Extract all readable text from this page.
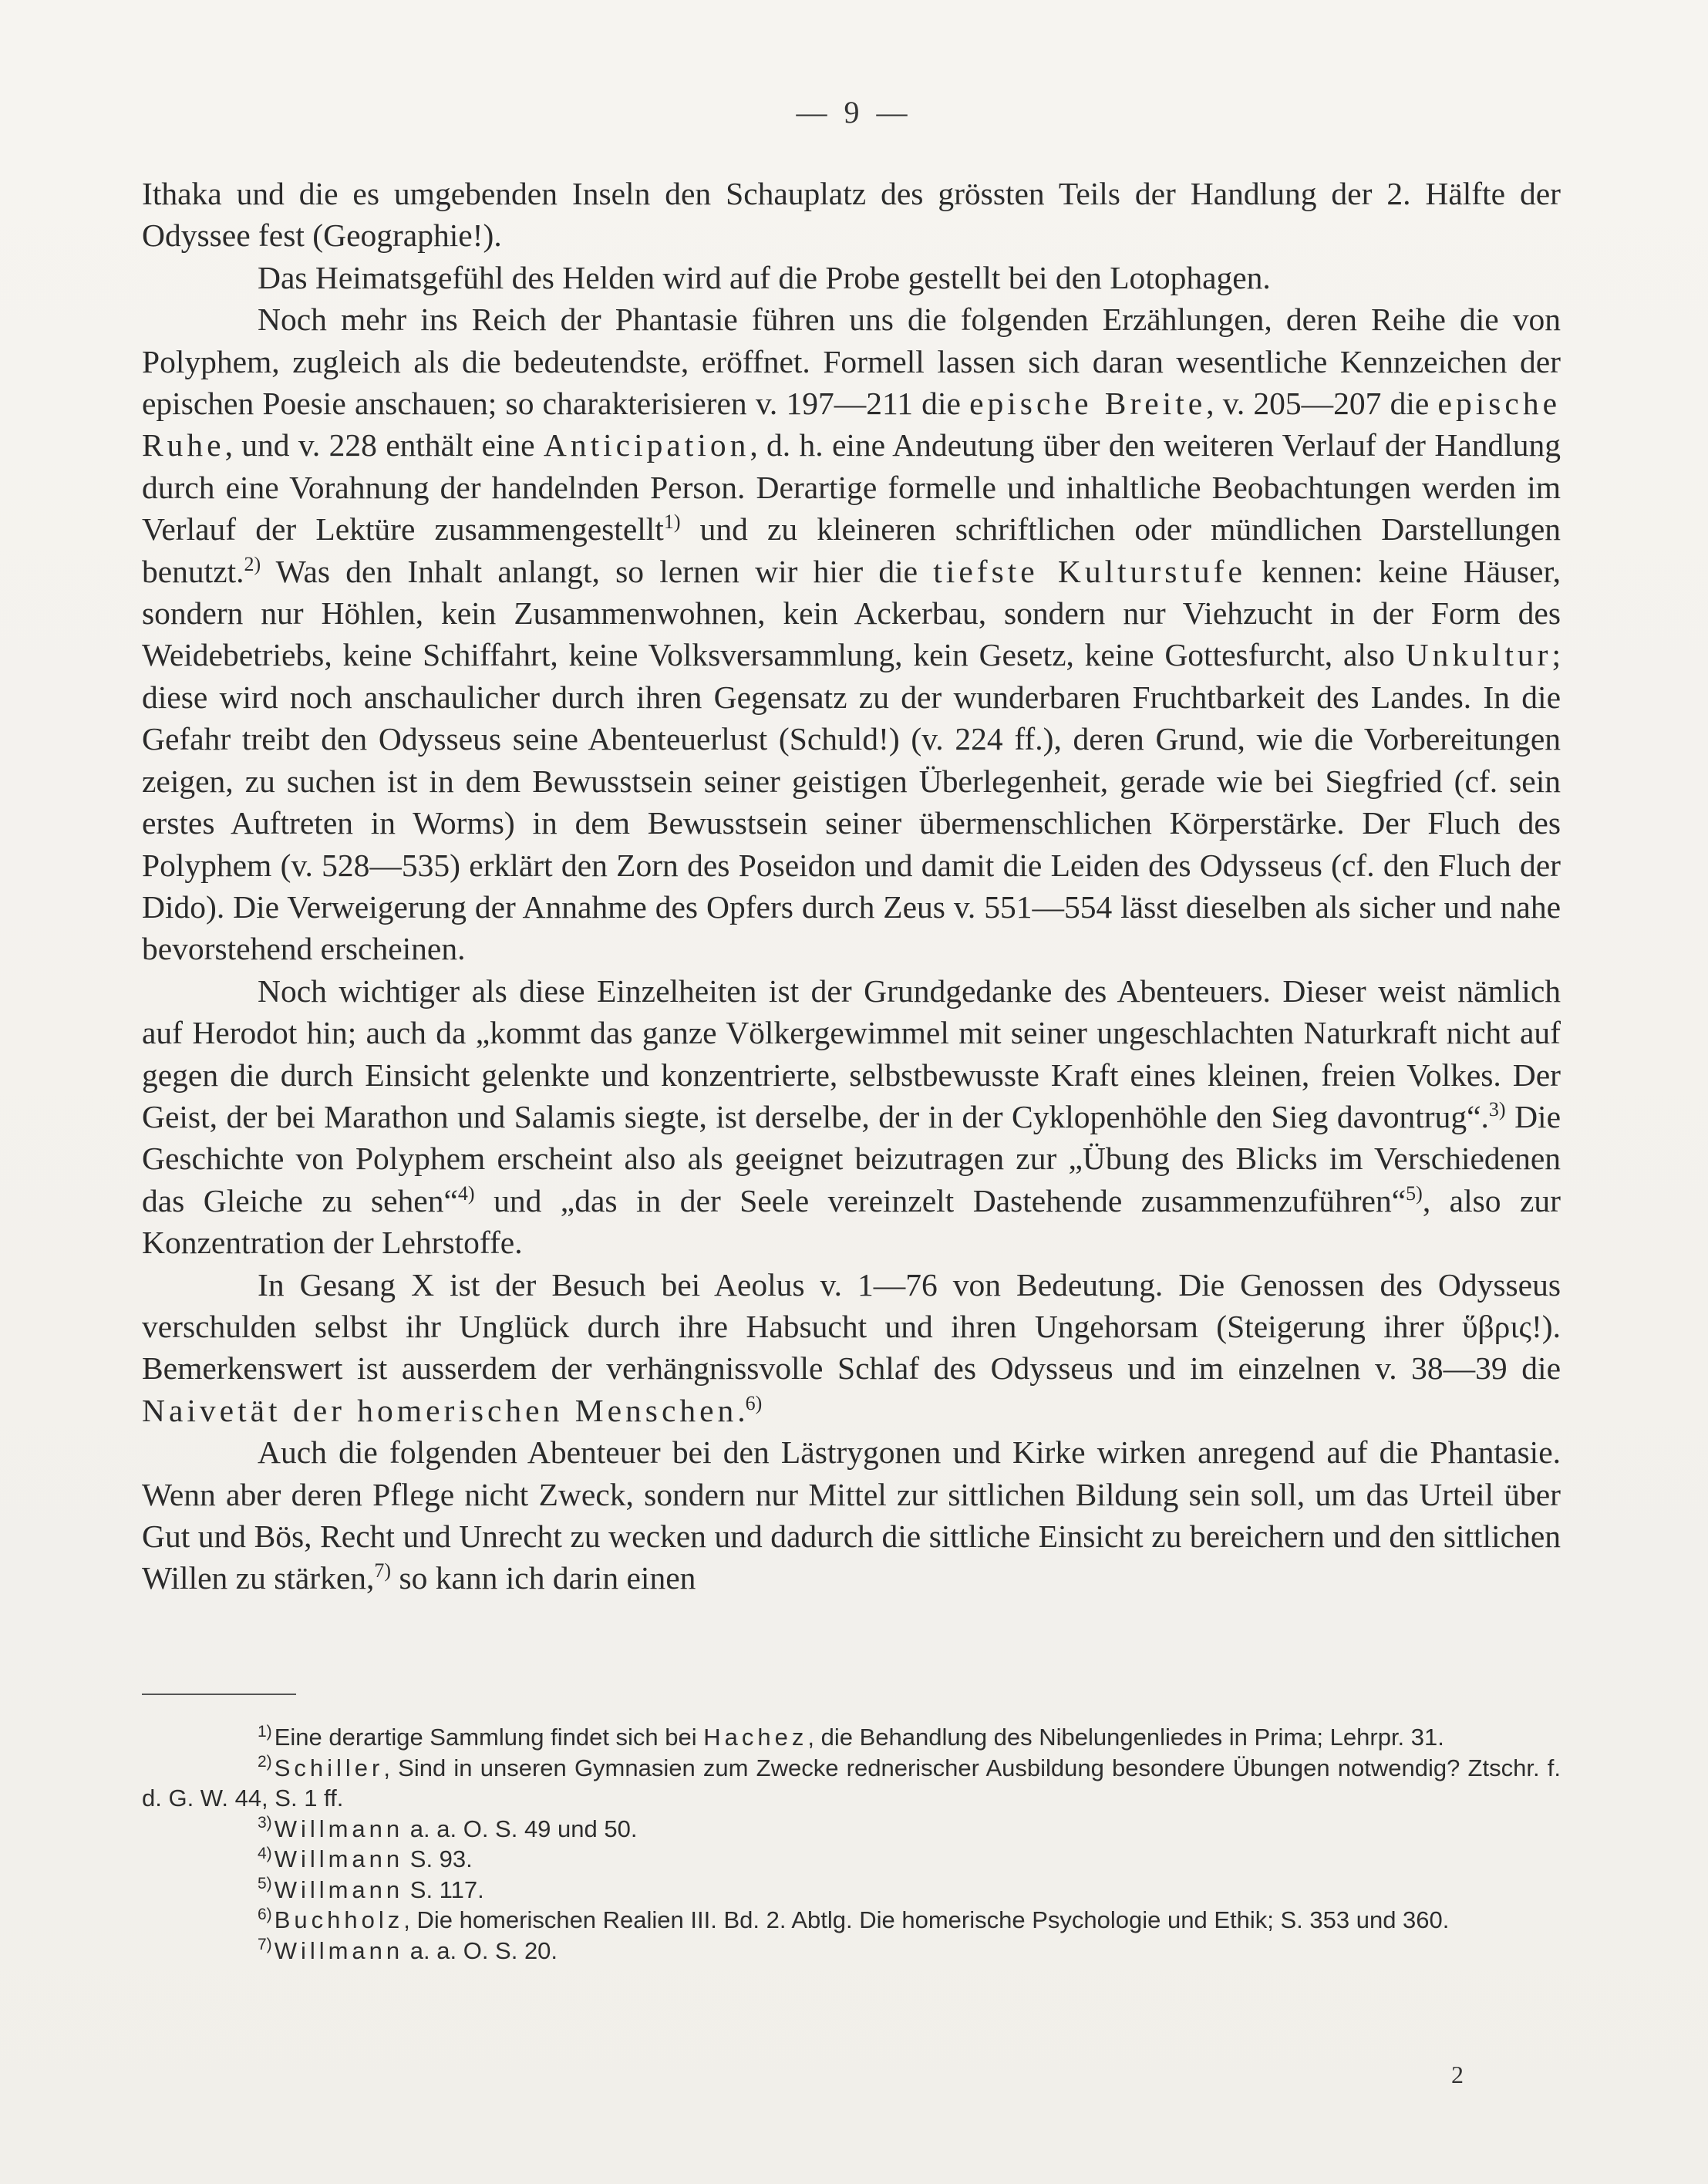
— 9 —

Ithaka und die es umgebenden Inseln den Schauplatz des grössten Teils der Handlung der 2. Hälfte der Odyssee fest (Geographie!).

Das Heimatsgefühl des Helden wird auf die Probe gestellt bei den Lotophagen.

Noch mehr ins Reich der Phantasie führen uns die folgenden Erzählungen, deren Reihe die von Polyphem, zugleich als die bedeutendste, eröffnet. Formell lassen sich daran wesentliche Kennzeichen der epischen Poesie anschauen; so charakterisieren v. 197—211 die epische Breite, v. 205—207 die epische Ruhe, und v. 228 enthält eine Anticipation, d. h. eine Andeutung über den weiteren Verlauf der Handlung durch eine Vorahnung der handelnden Person. Derartige formelle und inhaltliche Beobachtungen werden im Verlauf der Lektüre zusammengestellt$^{1)}$ und zu kleineren schriftlichen oder mündlichen Darstellungen benutzt.$^{2)}$ Was den Inhalt anlangt, so lernen wir hier die tiefste Kulturstufe kennen: keine Häuser, sondern nur Höhlen, kein Zusammenwohnen, kein Ackerbau, sondern nur Viehzucht in der Form des Weidebetriebs, keine Schiffahrt, keine Volksversammlung, kein Gesetz, keine Gottesfurcht, also Unkultur; diese wird noch anschaulicher durch ihren Gegensatz zu der wunderbaren Fruchtbarkeit des Landes. In die Gefahr treibt den Odysseus seine Abenteuerlust (Schuld!) (v. 224 ff.), deren Grund, wie die Vorbereitungen zeigen, zu suchen ist in dem Bewusstsein seiner geistigen Überlegenheit, gerade wie bei Siegfried (cf. sein erstes Auftreten in Worms) in dem Bewusstsein seiner übermenschlichen Körperstärke. Der Fluch des Polyphem (v. 528—535) erklärt den Zorn des Poseidon und damit die Leiden des Odysseus (cf. den Fluch der Dido). Die Verweigerung der Annahme des Opfers durch Zeus v. 551—554 lässt dieselben als sicher und nahe bevorstehend erscheinen.

Noch wichtiger als diese Einzelheiten ist der Grundgedanke des Abenteuers. Dieser weist nämlich auf Herodot hin; auch da „kommt das ganze Völkergewimmel mit seiner ungeschlachten Naturkraft nicht auf gegen die durch Einsicht gelenkte und konzentrierte, selbstbewusste Kraft eines kleinen, freien Volkes. Der Geist, der bei Marathon und Salamis siegte, ist derselbe, der in der Cyklopenhöhle den Sieg davontrug“.$^{3)}$ Die Geschichte von Polyphem erscheint also als geeignet beizutragen zur „Übung des Blicks im Verschiedenen das Gleiche zu sehen“$^{4)}$ und „das in der Seele vereinzelt Dastehende zusammenzuführen“$^{5)}$, also zur Konzentration der Lehrstoffe.

In Gesang X ist der Besuch bei Aeolus v. 1—76 von Bedeutung. Die Genossen des Odysseus verschulden selbst ihr Unglück durch ihre Habsucht und ihren Ungehorsam (Steigerung ihrer ὕβρις!). Bemerkenswert ist ausserdem der verhängnissvolle Schlaf des Odysseus und im einzelnen v. 38—39 die Naivetät der homerischen Menschen.$^{6)}$

Auch die folgenden Abenteuer bei den Lästrygonen und Kirke wirken anregend auf die Phantasie. Wenn aber deren Pflege nicht Zweck, sondern nur Mittel zur sittlichen Bildung sein soll, um das Urteil über Gut und Bös, Recht und Unrecht zu wecken und dadurch die sittliche Einsicht zu bereichern und den sittlichen Willen zu stärken,$^{7)}$ so kann ich darin einen

$^{1)}$Eine derartige Sammlung findet sich bei Hachez, die Behandlung des Nibelungenliedes in Prima; Lehrpr. 31.

$^{2)}$Schiller, Sind in unseren Gymnasien zum Zwecke rednerischer Ausbildung besondere Übungen notwendig? Ztschr. f. d. G. W. 44, S. 1 ff.

$^{3)}$Willmann a. a. O. S. 49 und 50.

$^{4)}$Willmann S. 93.

$^{5)}$Willmann S. 117.

$^{6)}$Buchholz, Die homerischen Realien III. Bd. 2. Abtlg. Die homerische Psychologie und Ethik; S. 353 und 360.

$^{7)}$Willmann a. a. O. S. 20.

2
